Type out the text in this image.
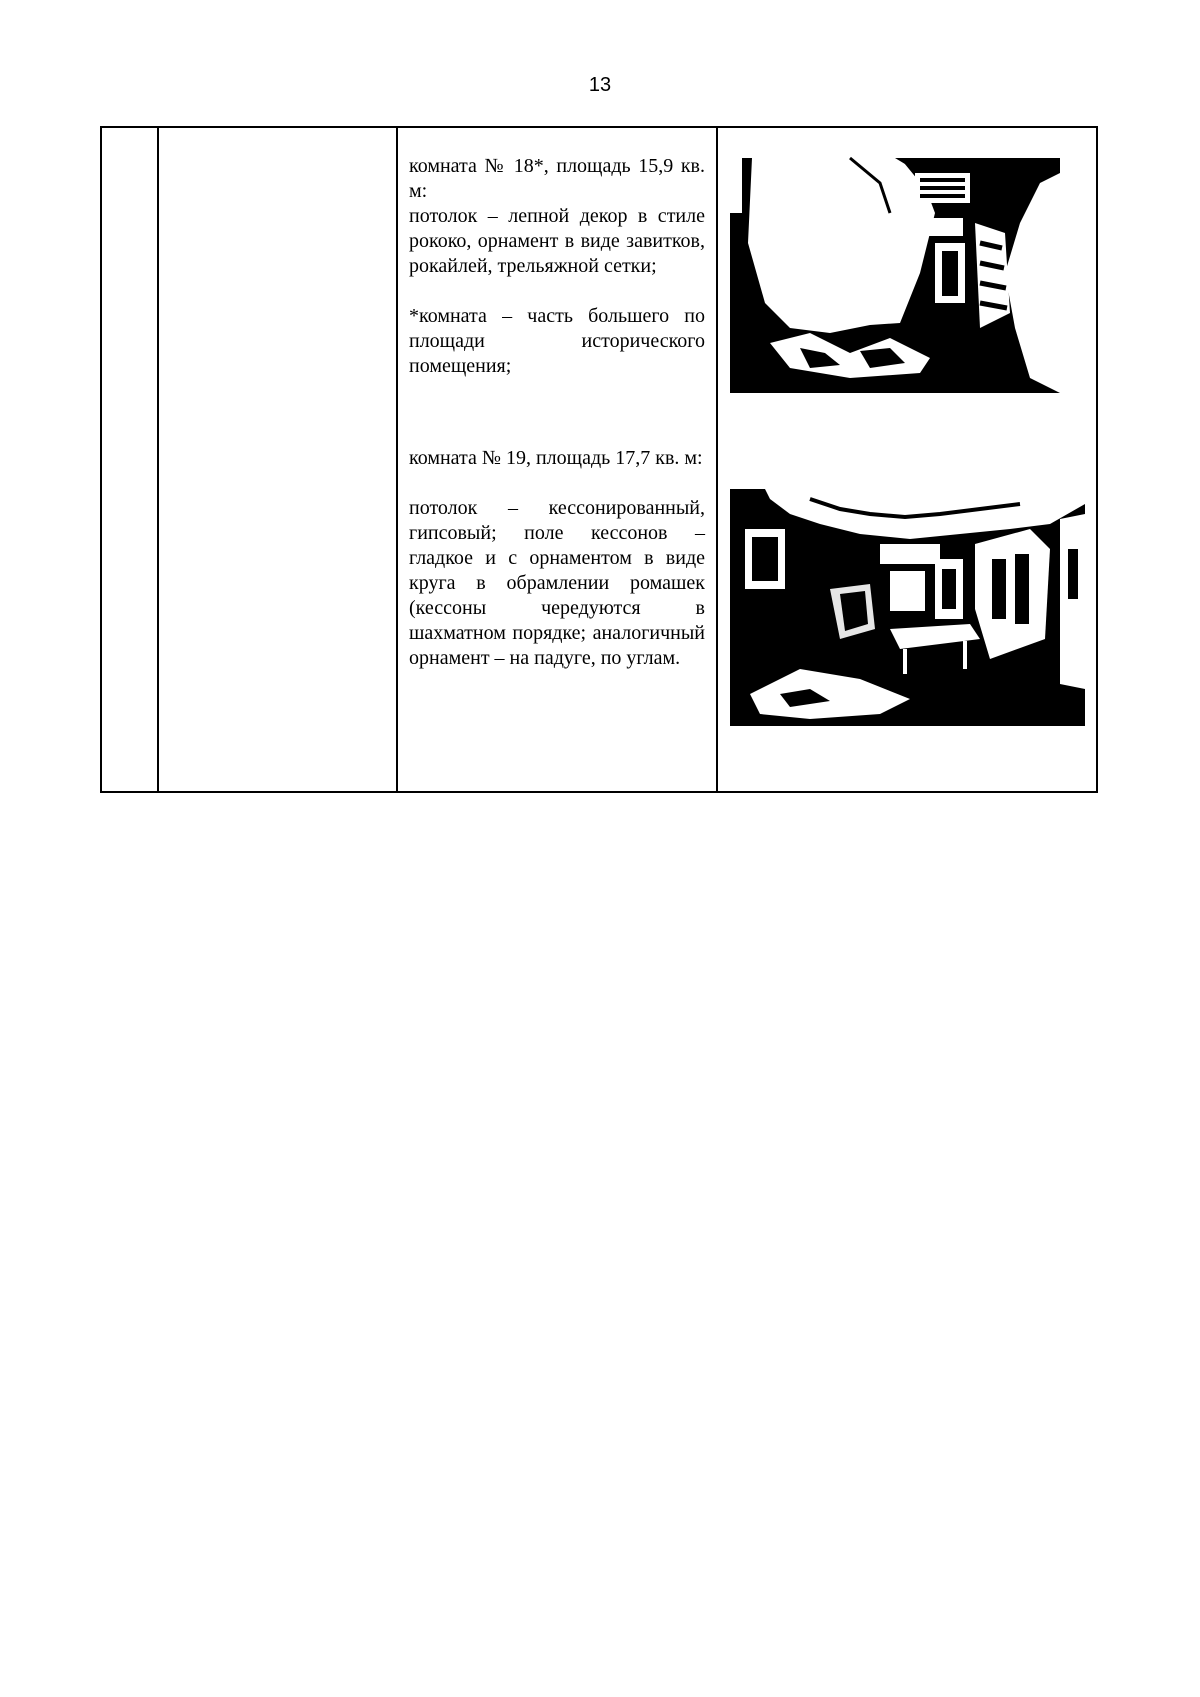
13

комната № 18*, площадь 15,9 кв. м:

потолок – лепной декор в стиле рококо, орнамент в виде завитков, рокайлей, трельяжной сетки;

*комната – часть большего по площади исторического помещения;

комната № 19, площадь 17,7 кв. м:

потолок – кессонированный, гипсовый; поле кессонов – гладкое и с орнаментом в виде круга в обрамлении ромашек (кессоны чередуются в шахматном порядке; аналогичный орнамент – на падуге, по углам.
